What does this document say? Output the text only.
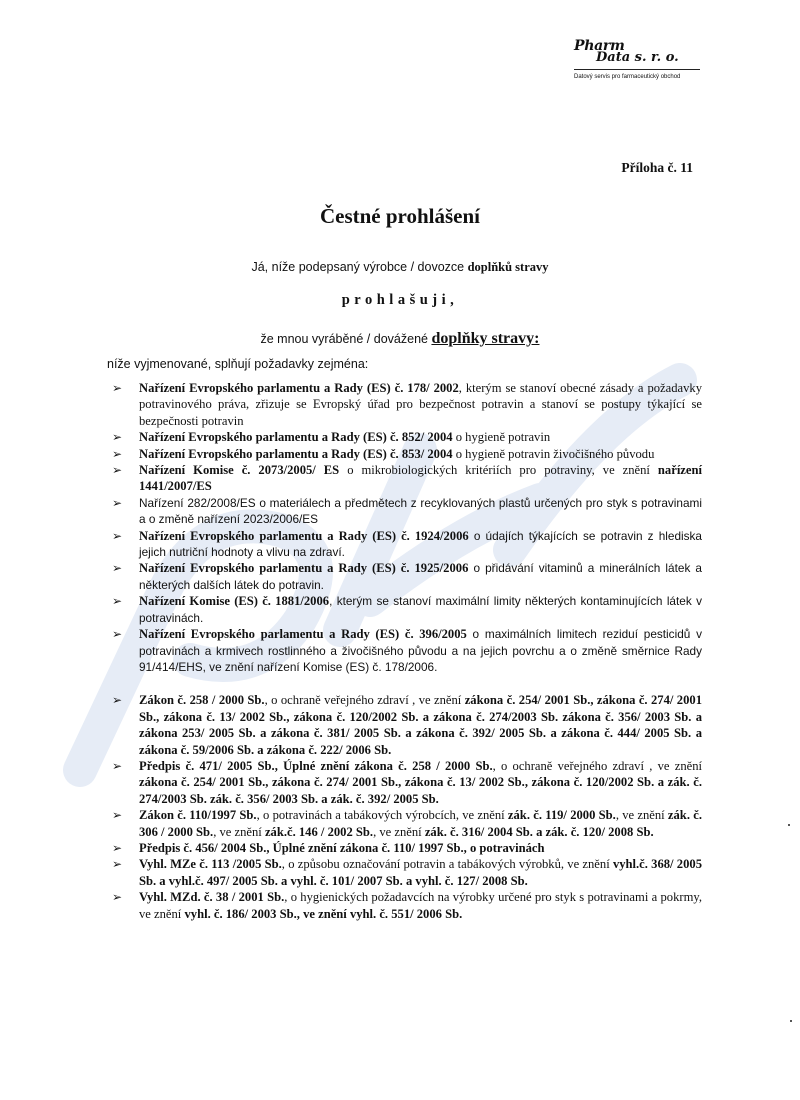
Pharm
Data s. r. o.
Datový servis pro farmaceutický obchod
Příloha č. 11
Čestné prohlášení
Já, níže podepsaný výrobce / dovozce doplňků stravy
prohlašuji,
že mnou vyráběné / dovážené doplňky stravy:
níže vyjmenované, splňují požadavky zejména:
➢ Nařízení Evropského parlamentu a Rady (ES) č. 178/ 2002, kterým se stanoví obecné zásady a požadavky potravinového práva, zřizuje se Evropský úřad pro bezpečnost potravin a stanoví se postupy týkající se bezpečnosti potravin
➢ Nařízení Evropského parlamentu a Rady (ES) č. 852/ 2004 o hygieně potravin
➢ Nařízení Evropského parlamentu a Rady (ES) č. 853/ 2004 o hygieně potravin živočišného původu
➢ Nařízení Komise č. 2073/2005/ ES o mikrobiologických kritériích pro potraviny, ve znění nařízení 1441/2007/ES
➢ Nařízení 282/2008/ES o materiálech a předmětech z recyklovaných plastů určených pro styk s potravinami a o změně nařízení 2023/2006/ES
➢ Nařízení Evropského parlamentu a Rady (ES) č. 1924/2006 o údajích týkajících se potravin z hlediska jejich nutriční hodnoty a vlivu na zdraví.
➢ Nařízení Evropského parlamentu a Rady (ES) č. 1925/2006 o přidávání vitaminů a minerálních látek a některých dalších látek do potravin.
➢ Nařízení Komise (ES) č. 1881/2006, kterým se stanoví maximální limity některých kontaminujících látek v potravinách.
➢ Nařízení Evropského parlamentu a Rady (ES) č. 396/2005 o maximálních limitech reziduí pesticidů v potravinách a krmivech rostlinného a živočišného původu a na jejich povrchu a o změně směrnice Rady 91/414/EHS, ve znění nařízení Komise (ES) č. 178/2006.
➢ Zákon č. 258 / 2000 Sb., o ochraně veřejného zdraví , ve znění zákona č. 254/ 2001 Sb., zákona č. 274/ 2001 Sb., zákona č. 13/ 2002 Sb., zákona č. 120/2002 Sb. a zákona č. 274/2003 Sb. zákona č. 356/ 2003 Sb. a zákona 253/ 2005 Sb. a zákona č. 381/ 2005 Sb. a zákona č. 392/ 2005 Sb. a zákona č. 444/ 2005 Sb. a zákona č. 59/2006 Sb. a zákona č. 222/ 2006 Sb.
➢ Předpis č. 471/ 2005 Sb., Úplné znění zákona č. 258 / 2000 Sb., o ochraně veřejného zdraví , ve znění zákona č. 254/ 2001 Sb., zákona č. 274/ 2001 Sb., zákona č. 13/ 2002 Sb., zákona č. 120/2002 Sb. a zák. č. 274/2003 Sb. zák. č. 356/ 2003 Sb. a zák. č. 392/ 2005 Sb.
➢ Zákon č. 110/1997 Sb., o potravinách a tabákových výrobcích, ve znění zák. č. 119/ 2000 Sb., ve znění zák. č. 306 / 2000 Sb., ve znění zák.č. 146 / 2002 Sb., ve znění zák. č. 316/ 2004 Sb. a zák. č. 120/ 2008 Sb.
➢ Předpis č. 456/ 2004 Sb., Úplné znění zákona č. 110/ 1997 Sb., o potravinách
➢ Vyhl. MZe č. 113 /2005 Sb., o způsobu označování potravin a tabákových výrobků, ve znění vyhl.č. 368/ 2005 Sb. a vyhl.č. 497/ 2005 Sb. a vyhl. č. 101/ 2007 Sb. a vyhl. č. 127/ 2008 Sb.
➢ Vyhl. MZd. č. 38 / 2001 Sb., o hygienických požadavcích na výrobky určené pro styk s potravinami a pokrmy, ve znění vyhl. č. 186/ 2003 Sb., ve znění vyhl. č. 551/ 2006 Sb.
